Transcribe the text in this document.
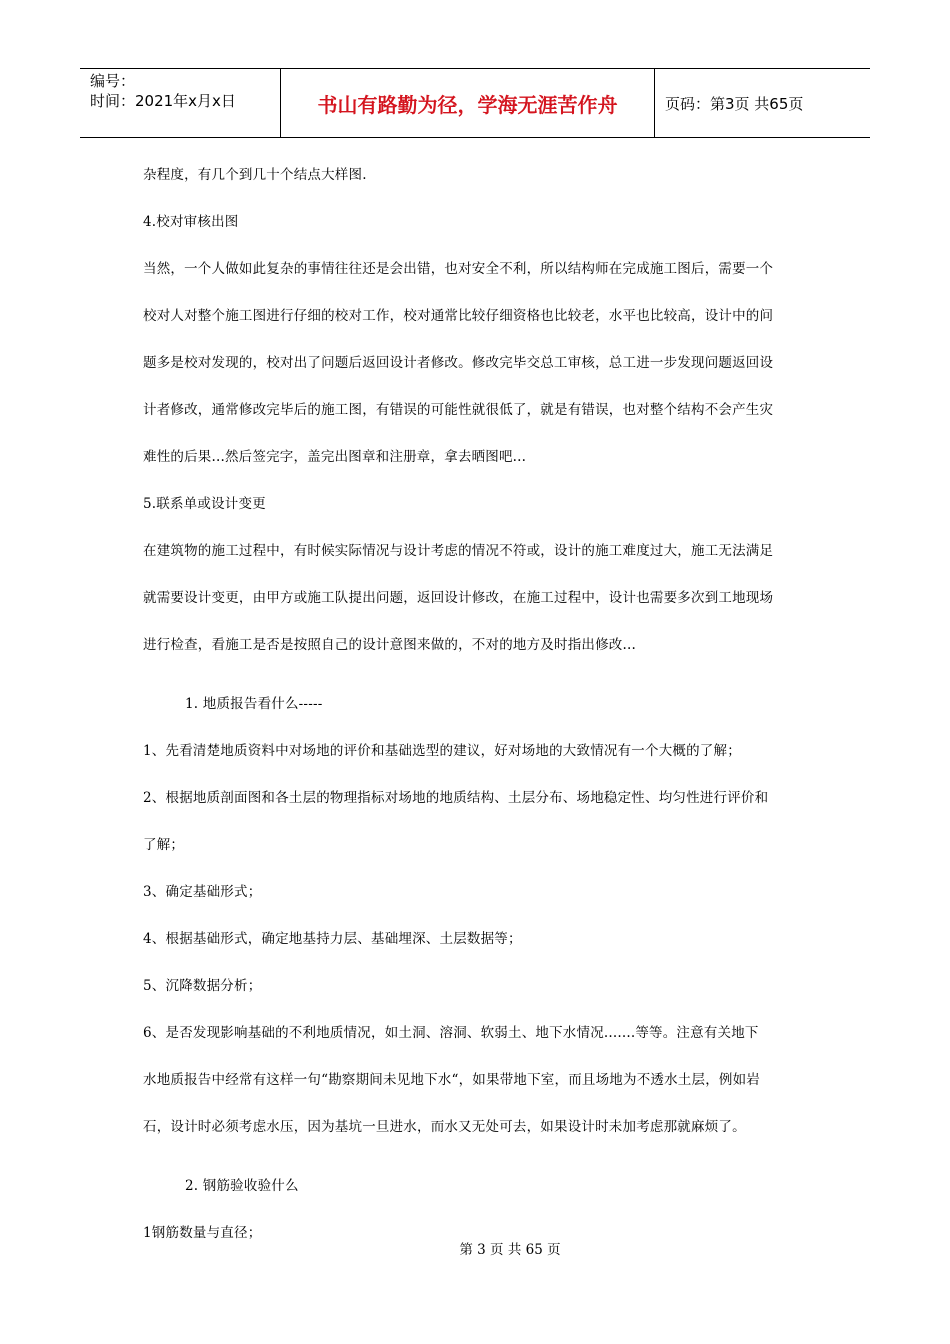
编号：
时间：2021年x月x日	书山有路勤为径，学海无涯苦作舟	页码：第3页 共65页
杂程度，有几个到几十个结点大样图.
4.校对审核出图
当然，一个人做如此复杂的事情往往还是会出错，也对安全不利，所以结构师在完成施工图后，需要一个
校对人对整个施工图进行仔细的校对工作，校对通常比较仔细资格也比较老，水平也比较高，设计中的问
题多是校对发现的，校对出了问题后返回设计者修改。修改完毕交总工审核，总工进一步发现问题返回设
计者修改，通常修改完毕后的施工图，有错误的可能性就很低了，就是有错误，也对整个结构不会产生灾
难性的后果...然后签完字，盖完出图章和注册章，拿去晒图吧...
5.联系单或设计变更
在建筑物的施工过程中，有时候实际情况与设计考虑的情况不符或，设计的施工难度过大，施工无法满足
就需要设计变更，由甲方或施工队提出问题，返回设计修改，在施工过程中，设计也需要多次到工地现场
进行检查，看施工是否是按照自己的设计意图来做的，不对的地方及时指出修改...
1. 地质报告看什么-----
1、先看清楚地质资料中对场地的评价和基础选型的建议，好对场地的大致情况有一个大概的了解；
2、根据地质剖面图和各土层的物理指标对场地的地质结构、土层分布、场地稳定性、均匀性进行评价和
了解；
3、确定基础形式；
4、根据基础形式，确定地基持力层、基础埋深、土层数据等；
5、沉降数据分析；
6、是否发现影响基础的不利地质情况，如土洞、溶洞、软弱土、地下水情况.......等等。注意有关地下
水地质报告中经常有这样一句“勘察期间未见地下水“，如果带地下室，而且场地为不透水土层，例如岩
石，设计时必须考虑水压，因为基坑一旦进水，而水又无处可去，如果设计时未加考虑那就麻烦了。
2. 钢筋验收验什么
1钢筋数量与直径；
第 3 页 共 65 页
